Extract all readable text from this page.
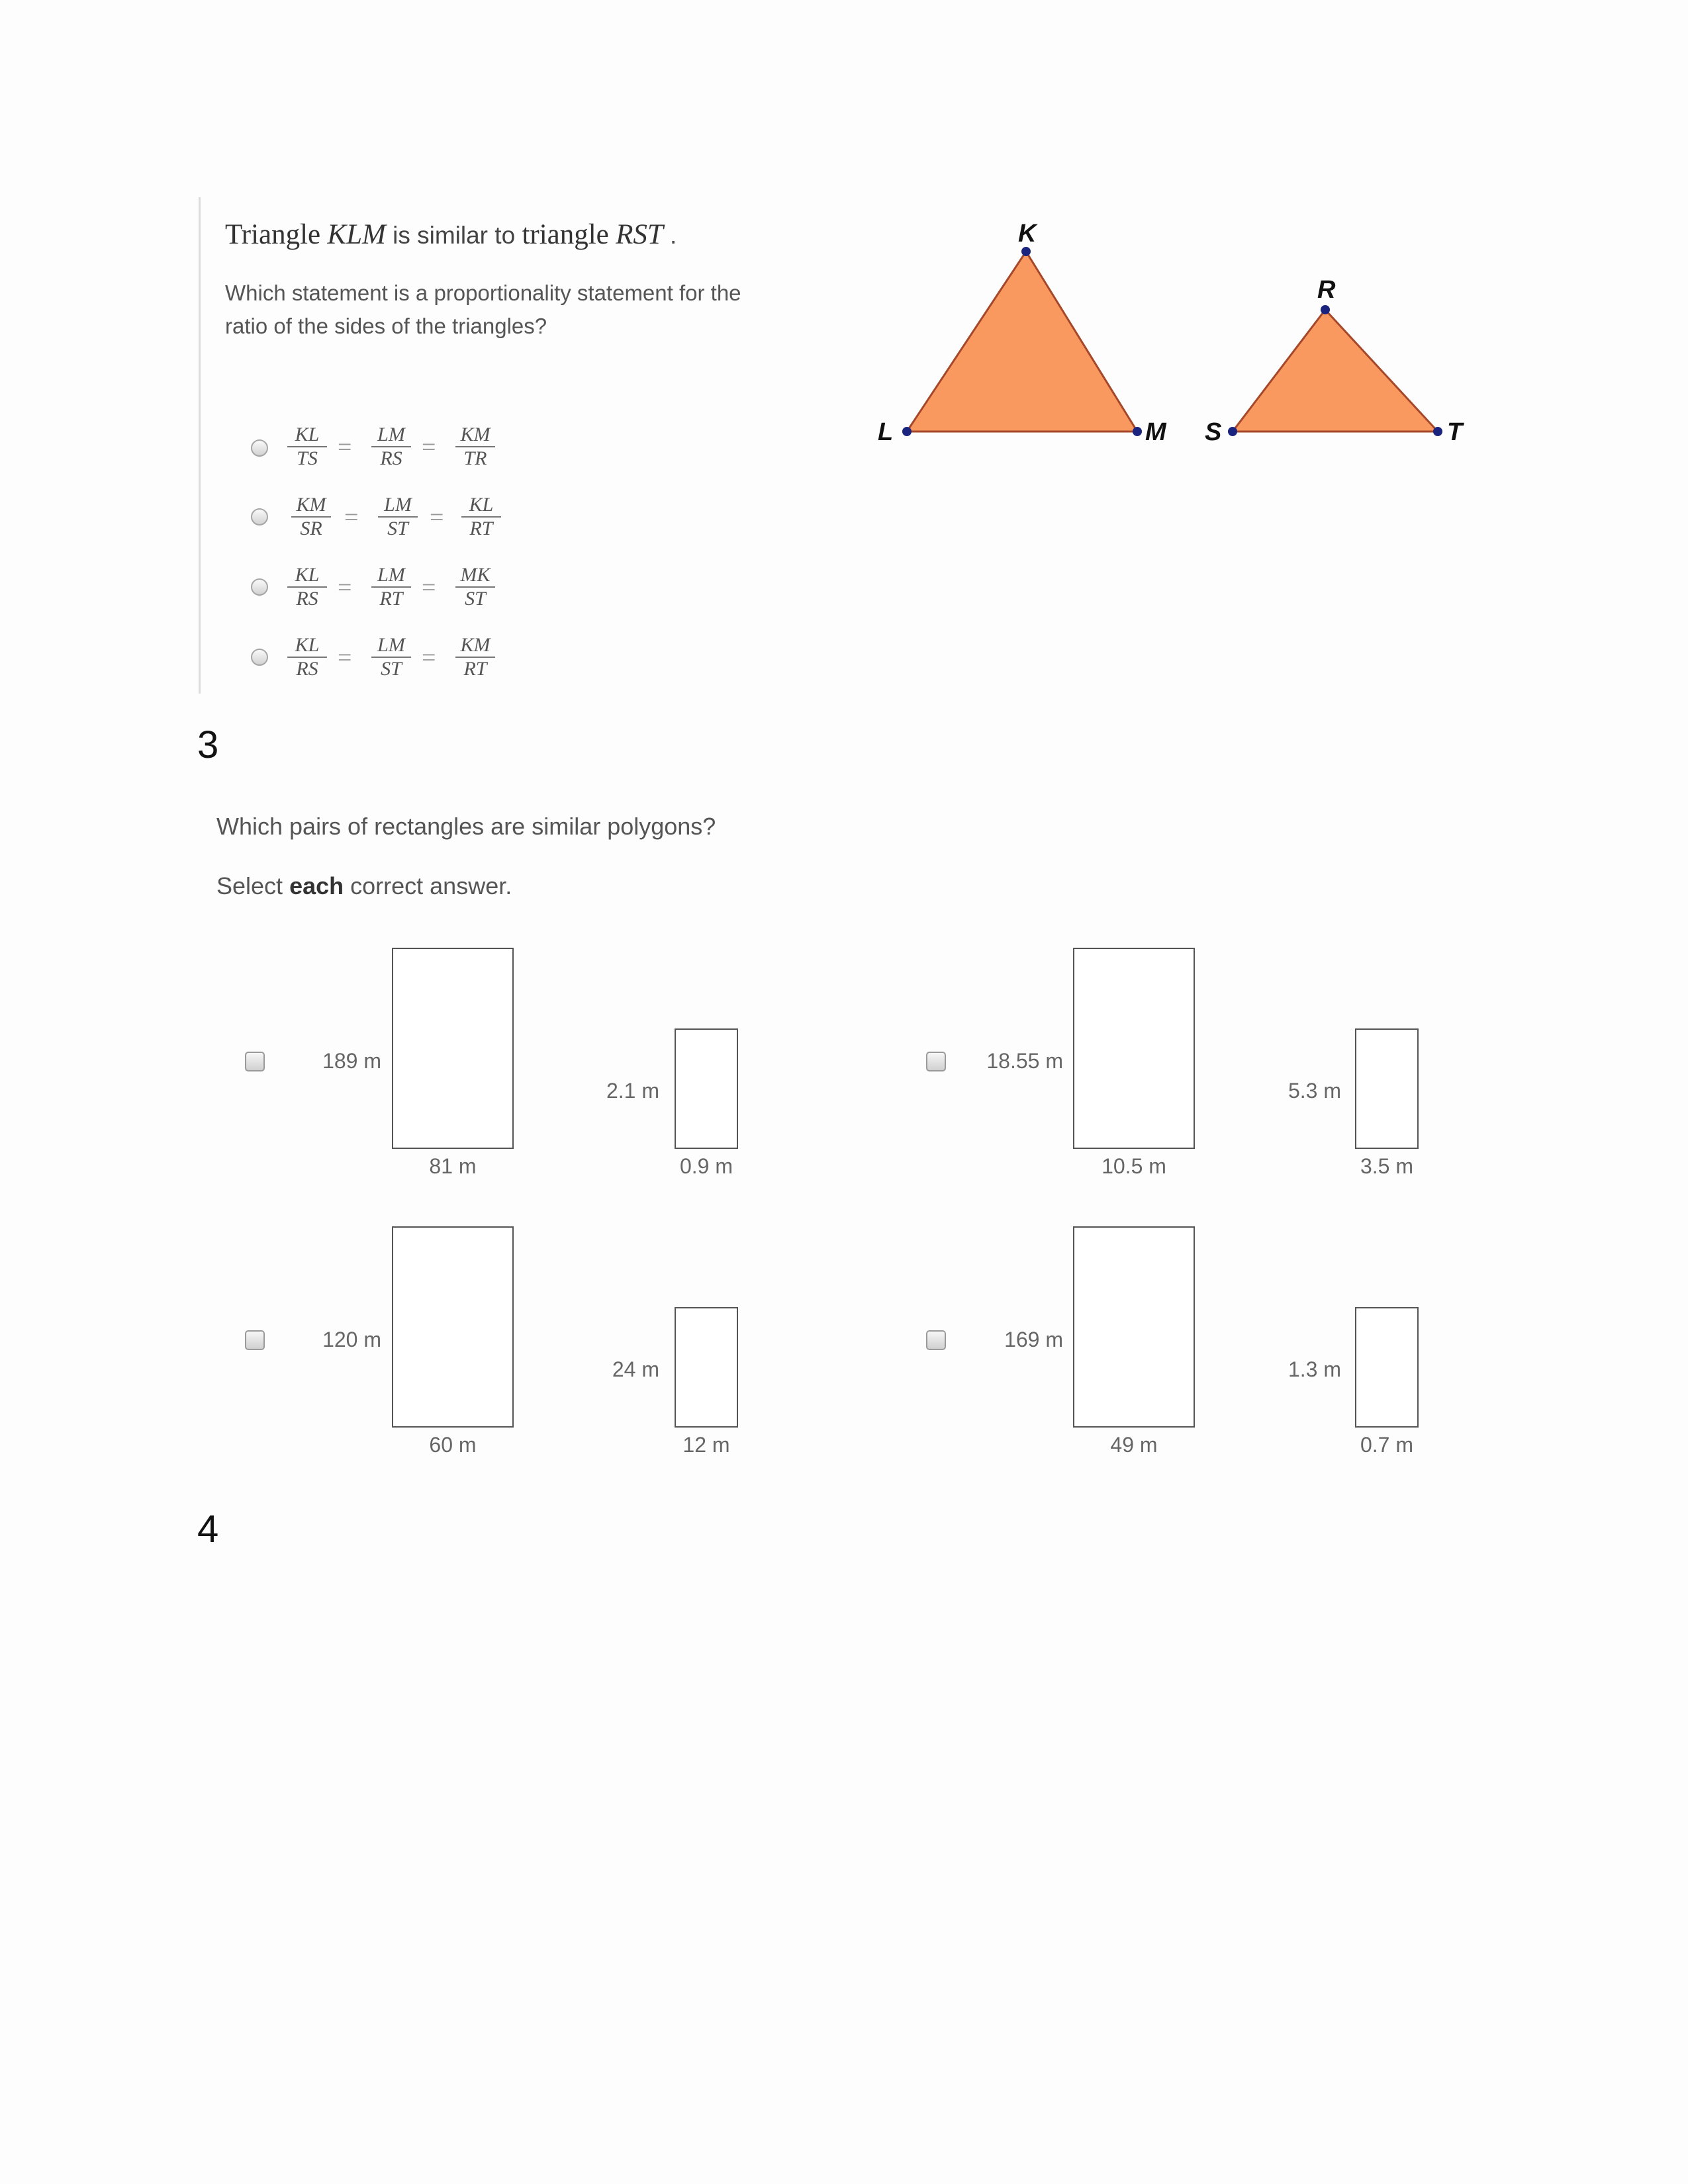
Triangle KLM is similar to triangle RST .
Which statement is a proportionality statement for the
ratio of the sides of the triangles?
$\frac{KL}{TS} = \frac{LM}{RS} = \frac{KM}{TR}$
$\frac{KM}{SR} = \frac{LM}{ST} = \frac{KL}{RT}$
$\frac{KL}{RS} = \frac{LM}{RT} = \frac{MK}{ST}$
$\frac{KL}{RS} = \frac{LM}{ST} = \frac{KM}{RT}$
K
L	M
R
S	T
3
Which pairs of rectangles are similar polygons?
Select each correct answer.
189 m
81 m
2.1 m
0.9 m
18.55 m
10.5 m
5.3 m
3.5 m
120 m
60 m
24 m
12 m
169 m
49 m
1.3 m
0.7 m
4
